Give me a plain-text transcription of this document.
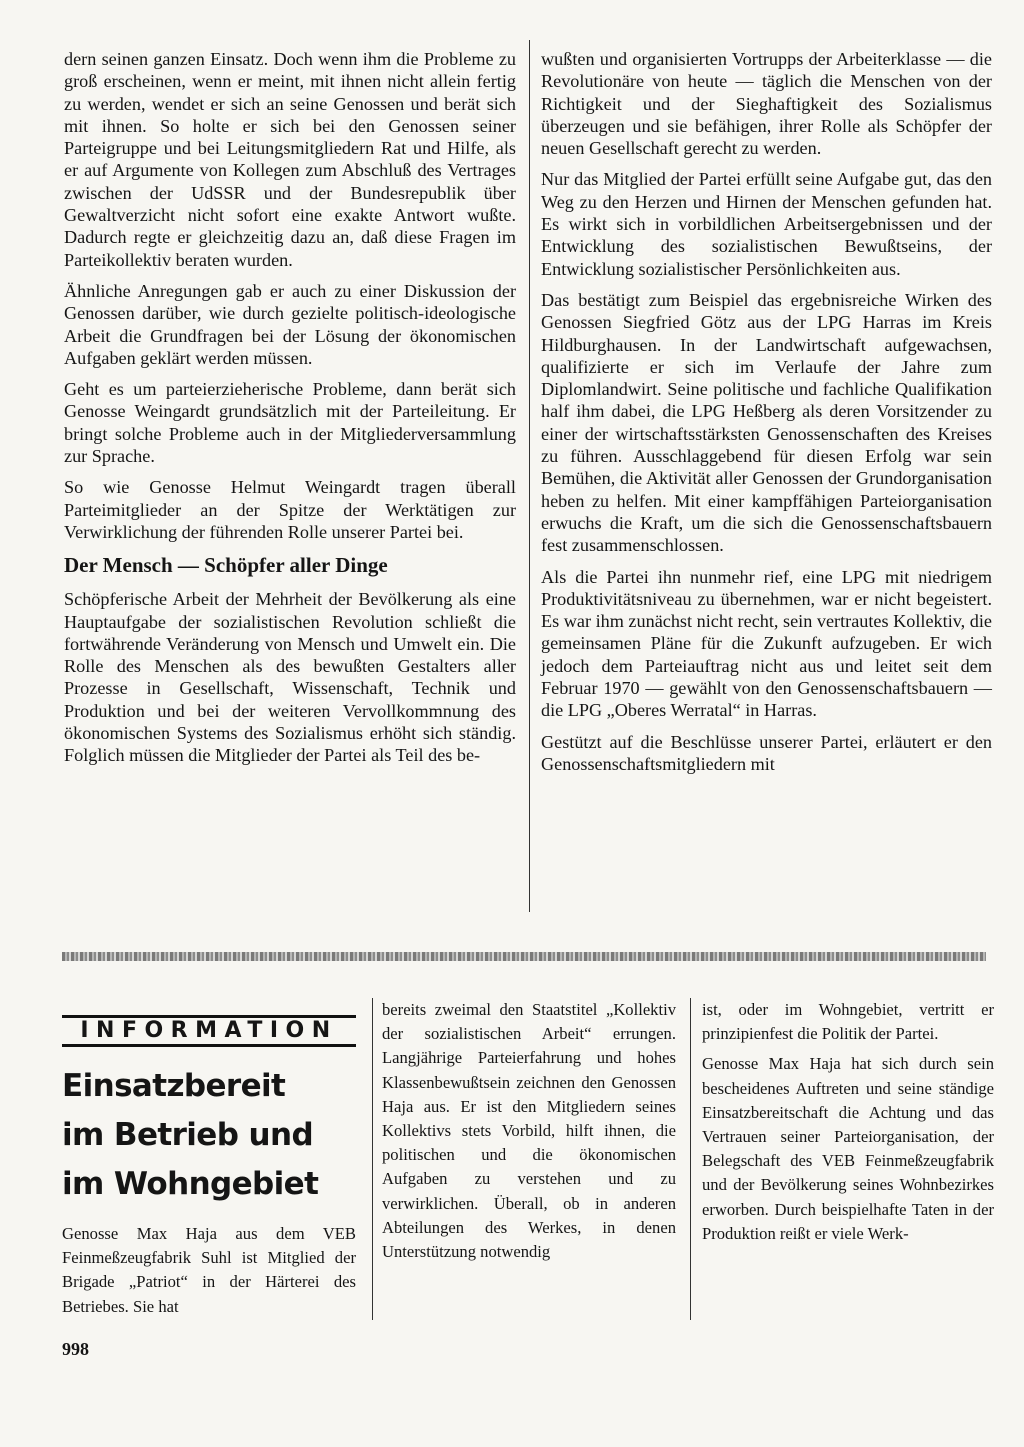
dern seinen ganzen Einsatz. Doch wenn ihm die Probleme zu groß erscheinen, wenn er meint, mit ihnen nicht allein fertig zu werden, wendet er sich an seine Genossen und berät sich mit ihnen. So holte er sich bei den Genossen seiner Parteigruppe und bei Leitungsmitgliedern Rat und Hilfe, als er auf Argumente von Kollegen zum Abschluß des Vertrages zwischen der UdSSR und der Bundesrepublik über Gewaltverzicht nicht sofort eine exakte Antwort wußte. Dadurch regte er gleichzeitig dazu an, daß diese Fragen im Parteikollektiv beraten wurden.

Ähnliche Anregungen gab er auch zu einer Diskussion der Genossen darüber, wie durch gezielte politisch-ideologische Arbeit die Grundfragen bei der Lösung der ökonomischen Aufgaben geklärt werden müssen.

Geht es um parteierzieherische Probleme, dann berät sich Genosse Weingardt grundsätzlich mit der Parteileitung. Er bringt solche Probleme auch in der Mitgliederversammlung zur Sprache.

So wie Genosse Helmut Weingardt tragen überall Parteimitglieder an der Spitze der Werktätigen zur Verwirklichung der führenden Rolle unserer Partei bei.

Der Mensch — Schöpfer aller Dinge

Schöpferische Arbeit der Mehrheit der Bevölkerung als eine Hauptaufgabe der sozialistischen Revolution schließt die fortwährende Veränderung von Mensch und Umwelt ein. Die Rolle des Menschen als des bewußten Gestalters aller Prozesse in Gesellschaft, Wissenschaft, Technik und Produktion und bei der weiteren Vervollkommnung des ökonomischen Systems des Sozialismus erhöht sich ständig. Folglich müssen die Mitglieder der Partei als Teil des be-

wußten und organisierten Vortrupps der Arbeiterklasse — die Revolutionäre von heute — täglich die Menschen von der Richtigkeit und der Sieghaftigkeit des Sozialismus überzeugen und sie befähigen, ihrer Rolle als Schöpfer der neuen Gesellschaft gerecht zu werden.

Nur das Mitglied der Partei erfüllt seine Aufgabe gut, das den Weg zu den Herzen und Hirnen der Menschen gefunden hat. Es wirkt sich in vorbildlichen Arbeitsergebnissen und der Entwicklung des sozialistischen Bewußtseins, der Entwicklung sozialistischer Persönlichkeiten aus.

Das bestätigt zum Beispiel das ergebnisreiche Wirken des Genossen Siegfried Götz aus der LPG Harras im Kreis Hildburghausen. In der Landwirtschaft aufgewachsen, qualifizierte er sich im Verlaufe der Jahre zum Diplomlandwirt. Seine politische und fachliche Qualifikation half ihm dabei, die LPG Heßberg als deren Vorsitzender zu einer der wirtschaftsstärksten Genossenschaften des Kreises zu führen. Ausschlaggebend für diesen Erfolg war sein Bemühen, die Aktivität aller Genossen der Grundorganisation heben zu helfen. Mit einer kampffähigen Parteiorganisation erwuchs die Kraft, um die sich die Genossenschaftsbauern fest zusammenschlossen.

Als die Partei ihn nunmehr rief, eine LPG mit niedrigem Produktivitätsniveau zu übernehmen, war er nicht begeistert. Es war ihm zunächst nicht recht, sein vertrautes Kollektiv, die gemeinsamen Pläne für die Zukunft aufzugeben. Er wich jedoch dem Parteiauftrag nicht aus und leitet seit dem Februar 1970 — gewählt von den Genossenschaftsbauern — die LPG „Oberes Werratal“ in Harras.

Gestützt auf die Beschlüsse unserer Partei, erläutert er den Genossenschaftsmitgliedern mit

INFORMATION
Einsatzbereit
im Betrieb und
im Wohngebiet

Genosse Max Haja aus dem VEB Feinmeßzeugfabrik Suhl ist Mitglied der Brigade „Patriot“ in der Härterei des Betriebes. Sie hat

bereits zweimal den Staatstitel „Kollektiv der sozialistischen Arbeit“ errungen. Langjährige Parteierfahrung und hohes Klassenbewußtsein zeichnen den Genossen Haja aus. Er ist den Mitgliedern seines Kollektivs stets Vorbild, hilft ihnen, die politischen und die ökonomischen Aufgaben zu verstehen und zu verwirklichen. Überall, ob in anderen Abteilungen des Werkes, in denen Unterstützung notwendig

ist, oder im Wohngebiet, vertritt er prinzipienfest die Politik der Partei.

Genosse Max Haja hat sich durch sein bescheidenes Auftreten und seine ständige Einsatzbereitschaft die Achtung und das Vertrauen seiner Parteiorganisation, der Belegschaft des VEB Feinmeßzeugfabrik und der Bevölkerung seines Wohnbezirkes erworben. Durch beispielhafte Taten in der Produktion reißt er viele Werk-

998
